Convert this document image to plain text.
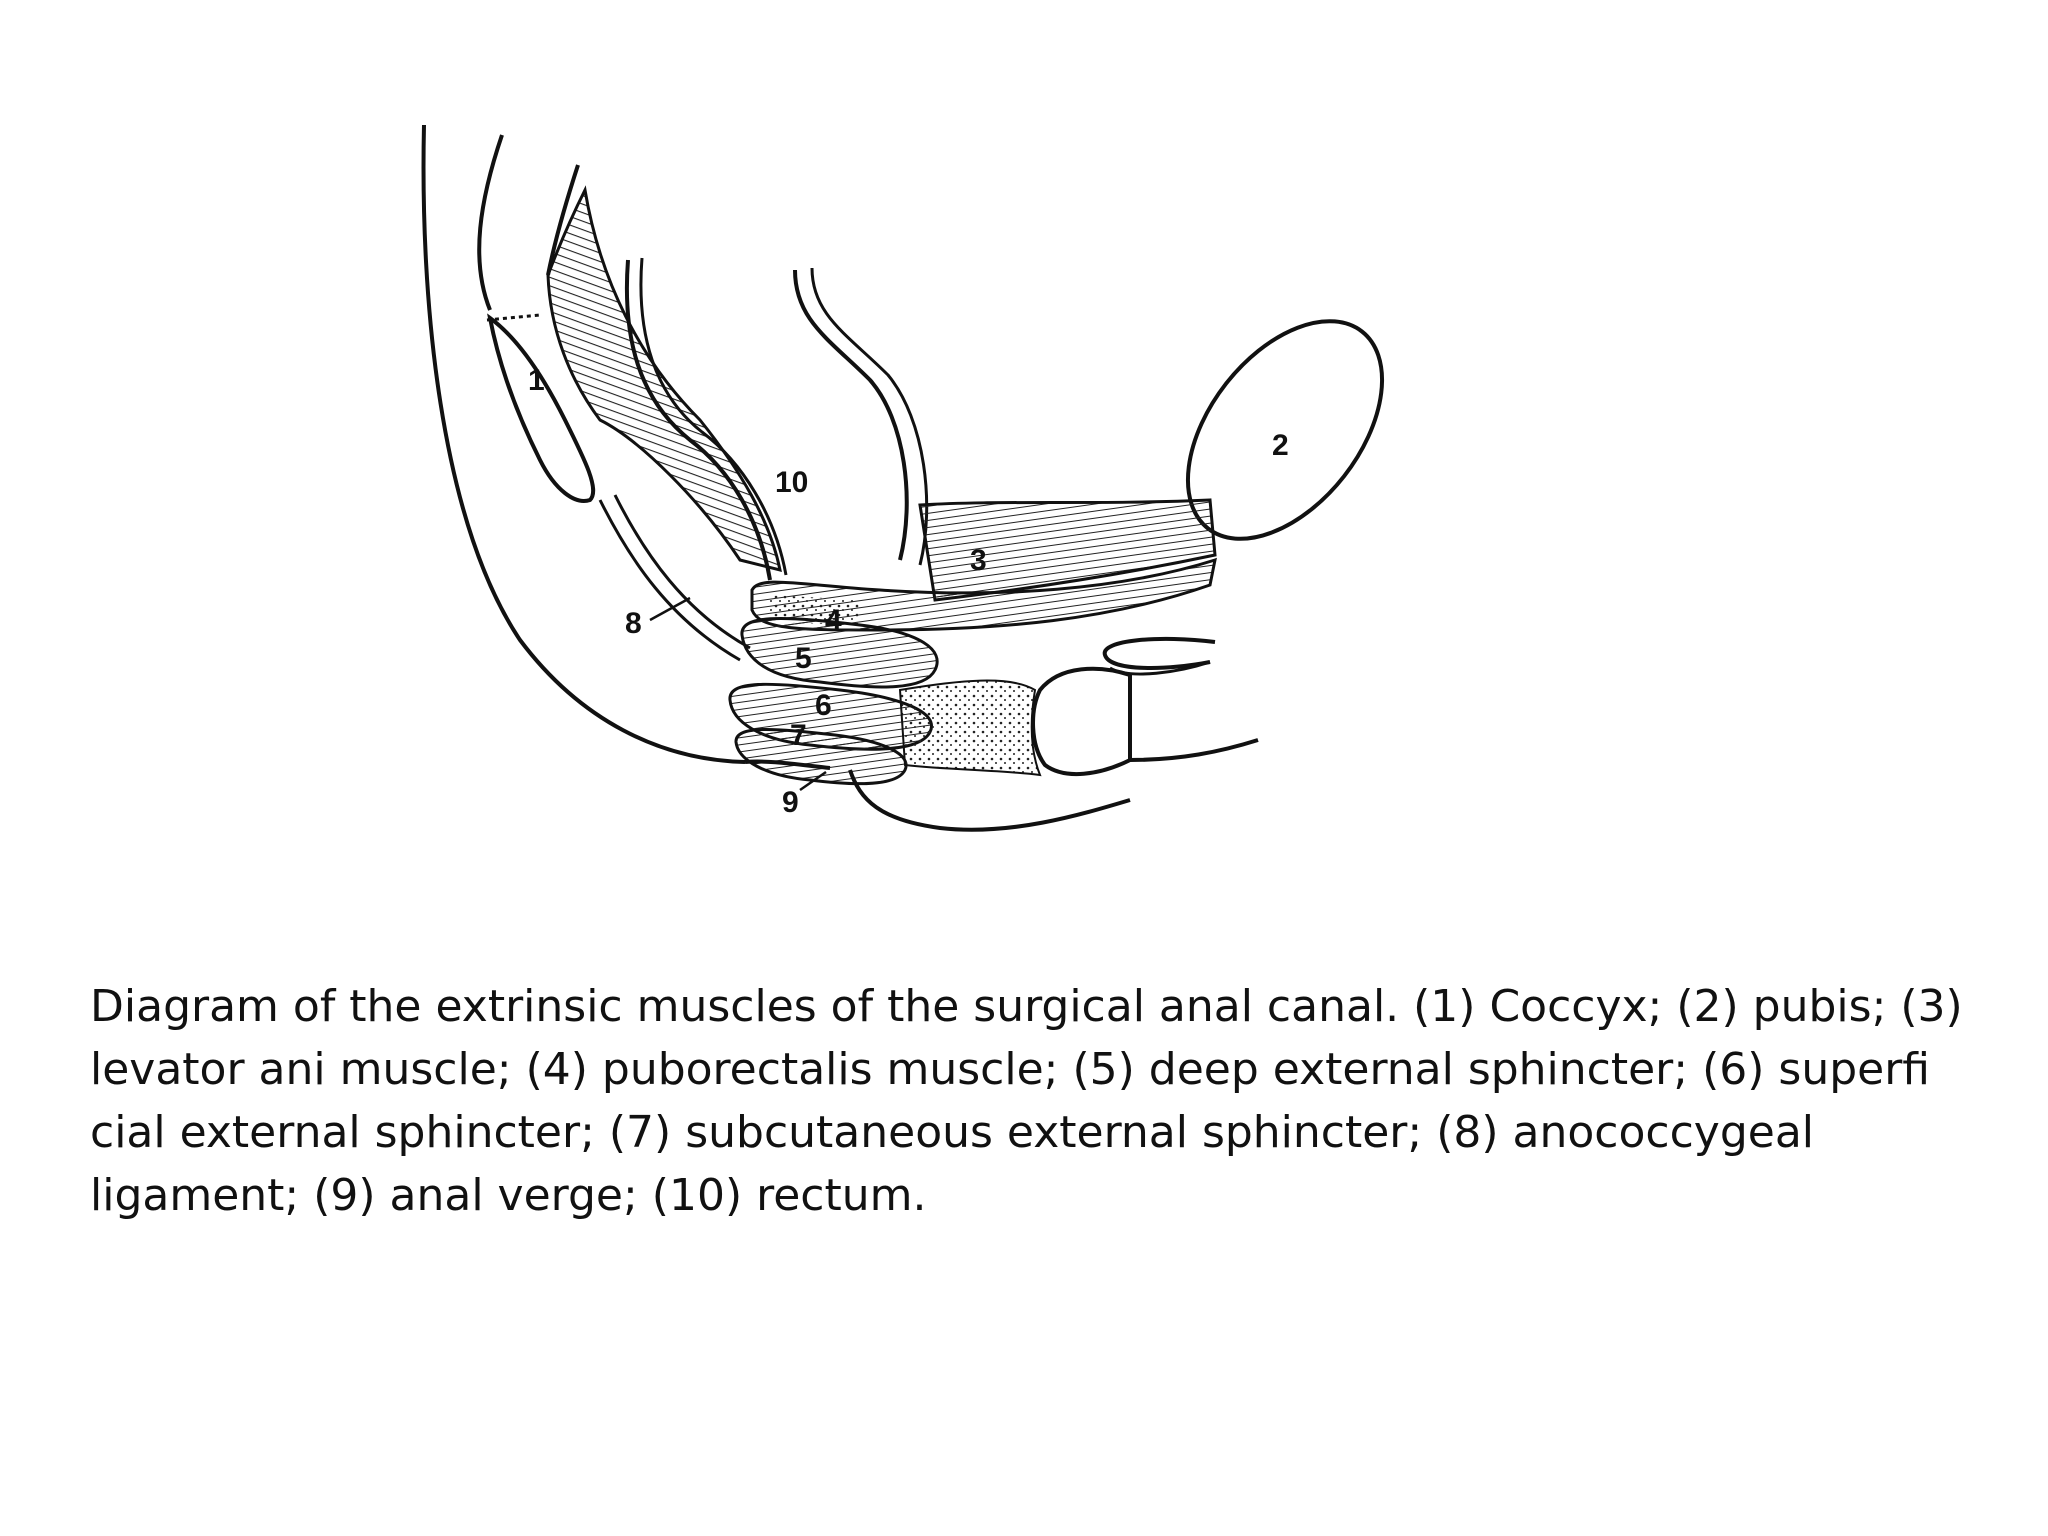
1
2
3
4
5
6
7
8
9
10

Diagram of the extrinsic muscles of the surgical anal canal. (1) Coccyx; (2) pubis; (3)
levator ani muscle; (4) puborectalis muscle; (5) deep external sphincter; (6) superfi
cial external sphincter; (7) subcutaneous external sphincter; (8) anococcygeal
ligament; (9) anal verge; (10) rectum.
